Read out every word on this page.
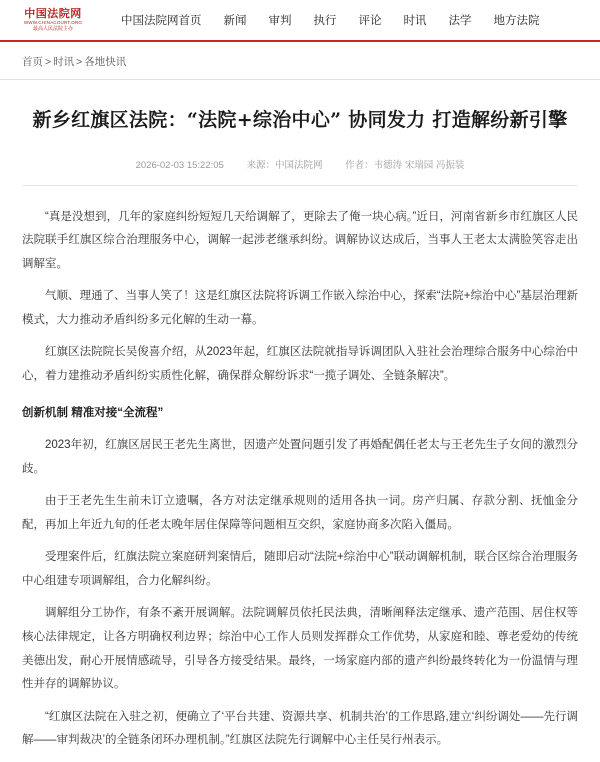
中国法院网
WWW.CHINACOURT.ORG
最高人民法院主办
中国法院网首页	新闻	审判	执行	评论	时讯	法学	地方法院
首页 > 时讯 > 各地快讯
新乡红旗区法院：“法院+综治中心” 协同发力 打造解纷新引擎
2026-02-03 15:22:05 来源：中国法院网 作者：韦德涛 宋瑞园 冯振装

“真是没想到，几年的家庭纠纷短短几天给调解了，更除去了俺一块心病。”近日，河南省新乡市红旗区人民法院联手红旗区综合治理服务中心，调解一起涉老继承纠纷。调解协议达成后，当事人王老太太满脸笑容走出调解室。

气顺、理通了、当事人笑了！这是红旗区法院将诉调工作嵌入综治中心，探索“法院+综治中心”基层治理新模式，大力推动矛盾纠纷多元化解的生动一幕。

红旗区法院院长吴俊喜介绍，从2023年起，红旗区法院就指导诉调团队入驻社会治理综合服务中心综治中心，着力建推动矛盾纠纷实质性化解，确保群众解纷诉求“一揽子调处、全链条解决”。

创新机制 精准对接“全流程”

2023年初，红旗区居民王老先生离世，因遗产处置问题引发了再婚配偶任老太与王老先生子女间的激烈分歧。

由于王老先生生前未订立遗嘱，各方对法定继承规则的适用各执一词。房产归属、存款分割、抚恤金分配，再加上年近九旬的任老太晚年居住保障等问题相互交织，家庭协商多次陷入僵局。

受理案件后，红旗法院立案庭研判案情后，随即启动“法院+综治中心”联动调解机制，联合区综合治理服务中心组建专项调解组，合力化解纠纷。

调解组分工协作，有条不紊开展调解。法院调解员依托民法典，清晰阐释法定继承、遗产范围、居住权等核心法律规定，让各方明确权利边界；综治中心工作人员则发挥群众工作优势，从家庭和睦、尊老爱幼的传统美德出发，耐心开展情感疏导，引导各方接受结果。最终，一场家庭内部的遗产纠纷最终转化为一份温情与理性并存的调解协议。

“红旗区法院在入驻之初，便确立了‘平台共建、资源共享、机制共治’的工作思路,建立‘纠纷调处——先行调解——审判裁决’的全链条闭环办理机制。”红旗区法院先行调解中心主任吴行州表示。
